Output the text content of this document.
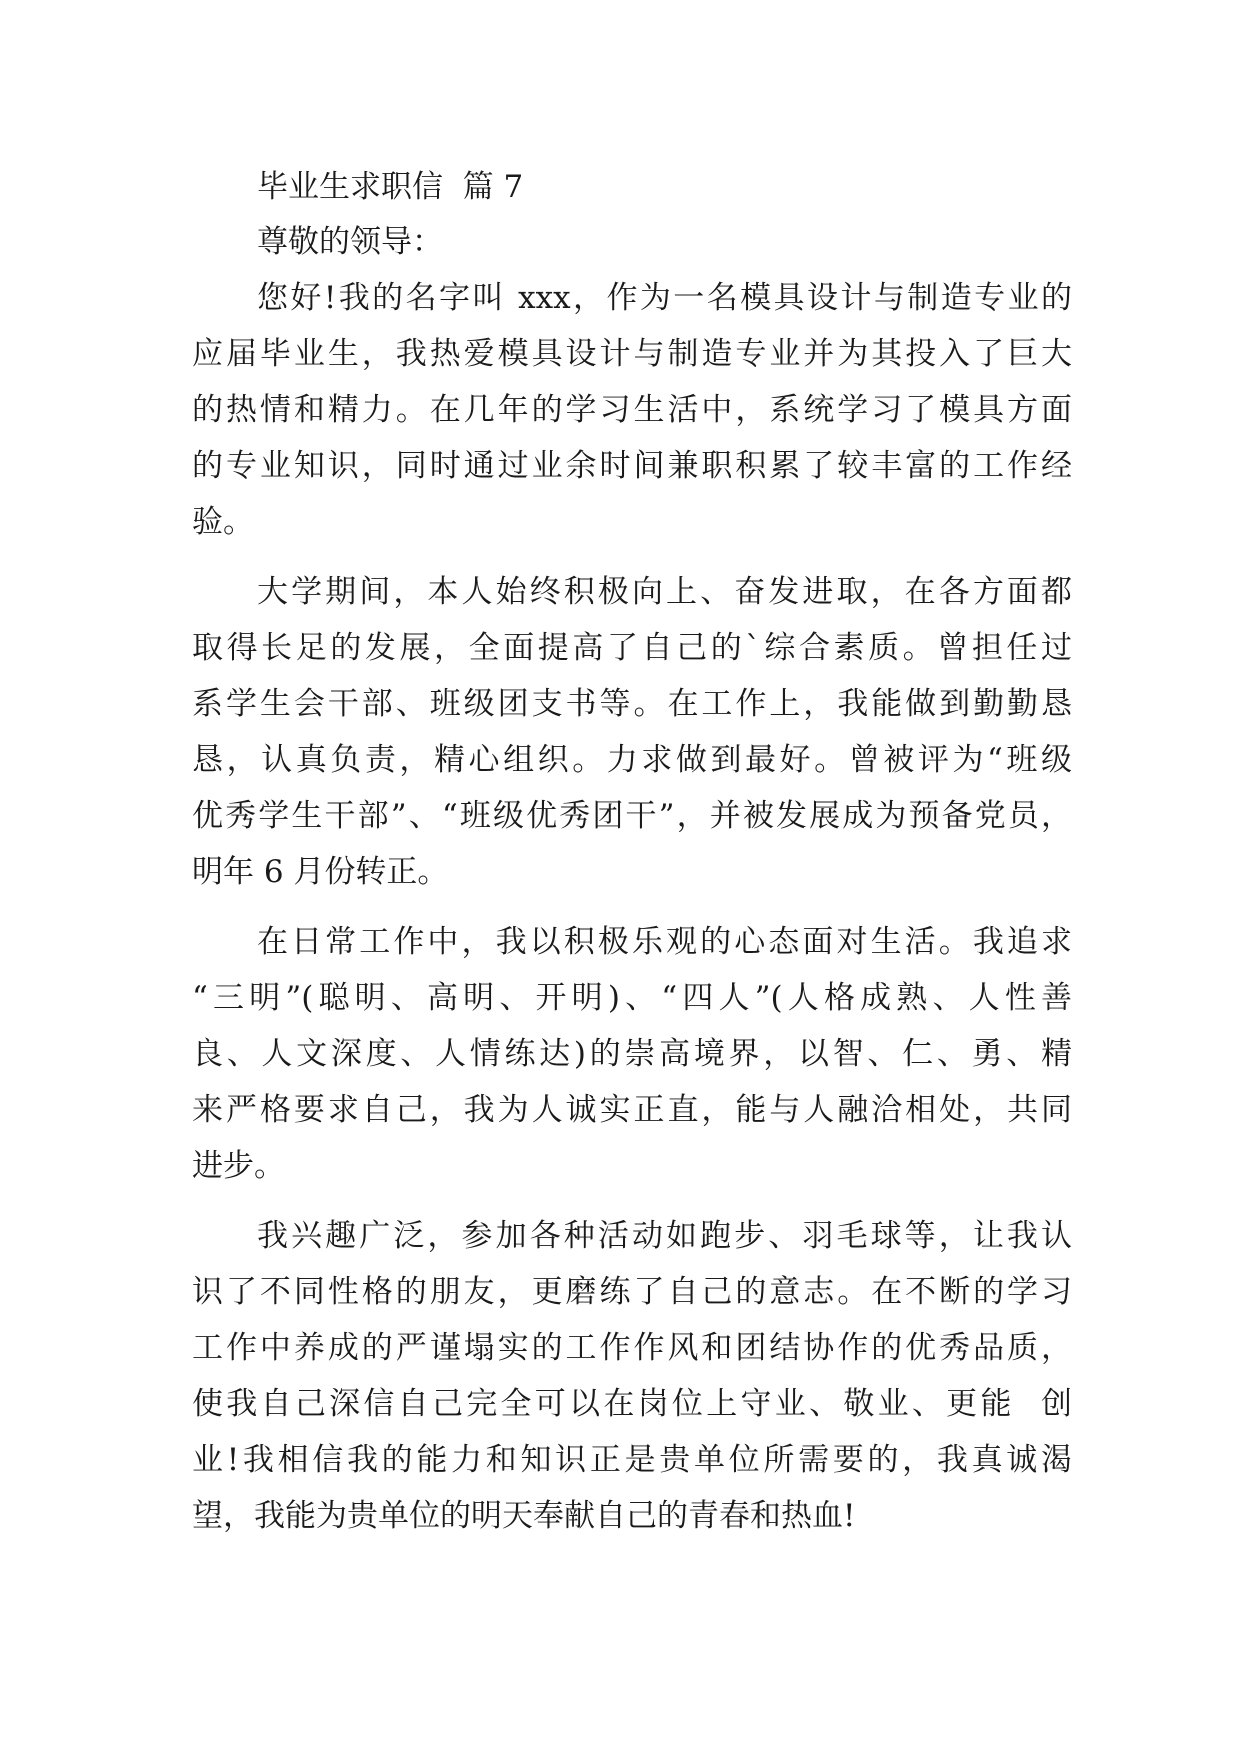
毕业生求职信  篇 7
尊敬的领导：
您好!我的名字叫 xxx，作为一名模具设计与制造专业的
应届毕业生，我热爱模具设计与制造专业并为其投入了巨大
的热情和精力。在几年的学习生活中，系统学习了模具方面
的专业知识，同时通过业余时间兼职积累了较丰富的工作经
验。
大学期间，本人始终积极向上、奋发进取，在各方面都
取得长足的发展，全面提高了自己的`综合素质。曾担任过
系学生会干部、班级团支书等。在工作上，我能做到勤勤恳
恳，认真负责，精心组织。力求做到最好。曾被评为“班级
优秀学生干部”、“班级优秀团干”，并被发展成为预备党员，
明年 6 月份转正。
在日常工作中，我以积极乐观的心态面对生活。我追求
“三明”(聪明、高明、开明)、“四人”(人格成熟、人性善
良、人文深度、人情练达)的崇高境界，以智、仁、勇、精
来严格要求自己，我为人诚实正直，能与人融洽相处，共同
进步。
我兴趣广泛，参加各种活动如跑步、羽毛球等，让我认
识了不同性格的朋友，更磨练了自己的意志。在不断的学习
工作中养成的严谨塌实的工作作风和团结协作的优秀品质，
使我自己深信自己完全可以在岗位上守业、敬业、更能  创
业!我相信我的能力和知识正是贵单位所需要的，我真诚渴
望，我能为贵单位的明天奉献自己的青春和热血!
